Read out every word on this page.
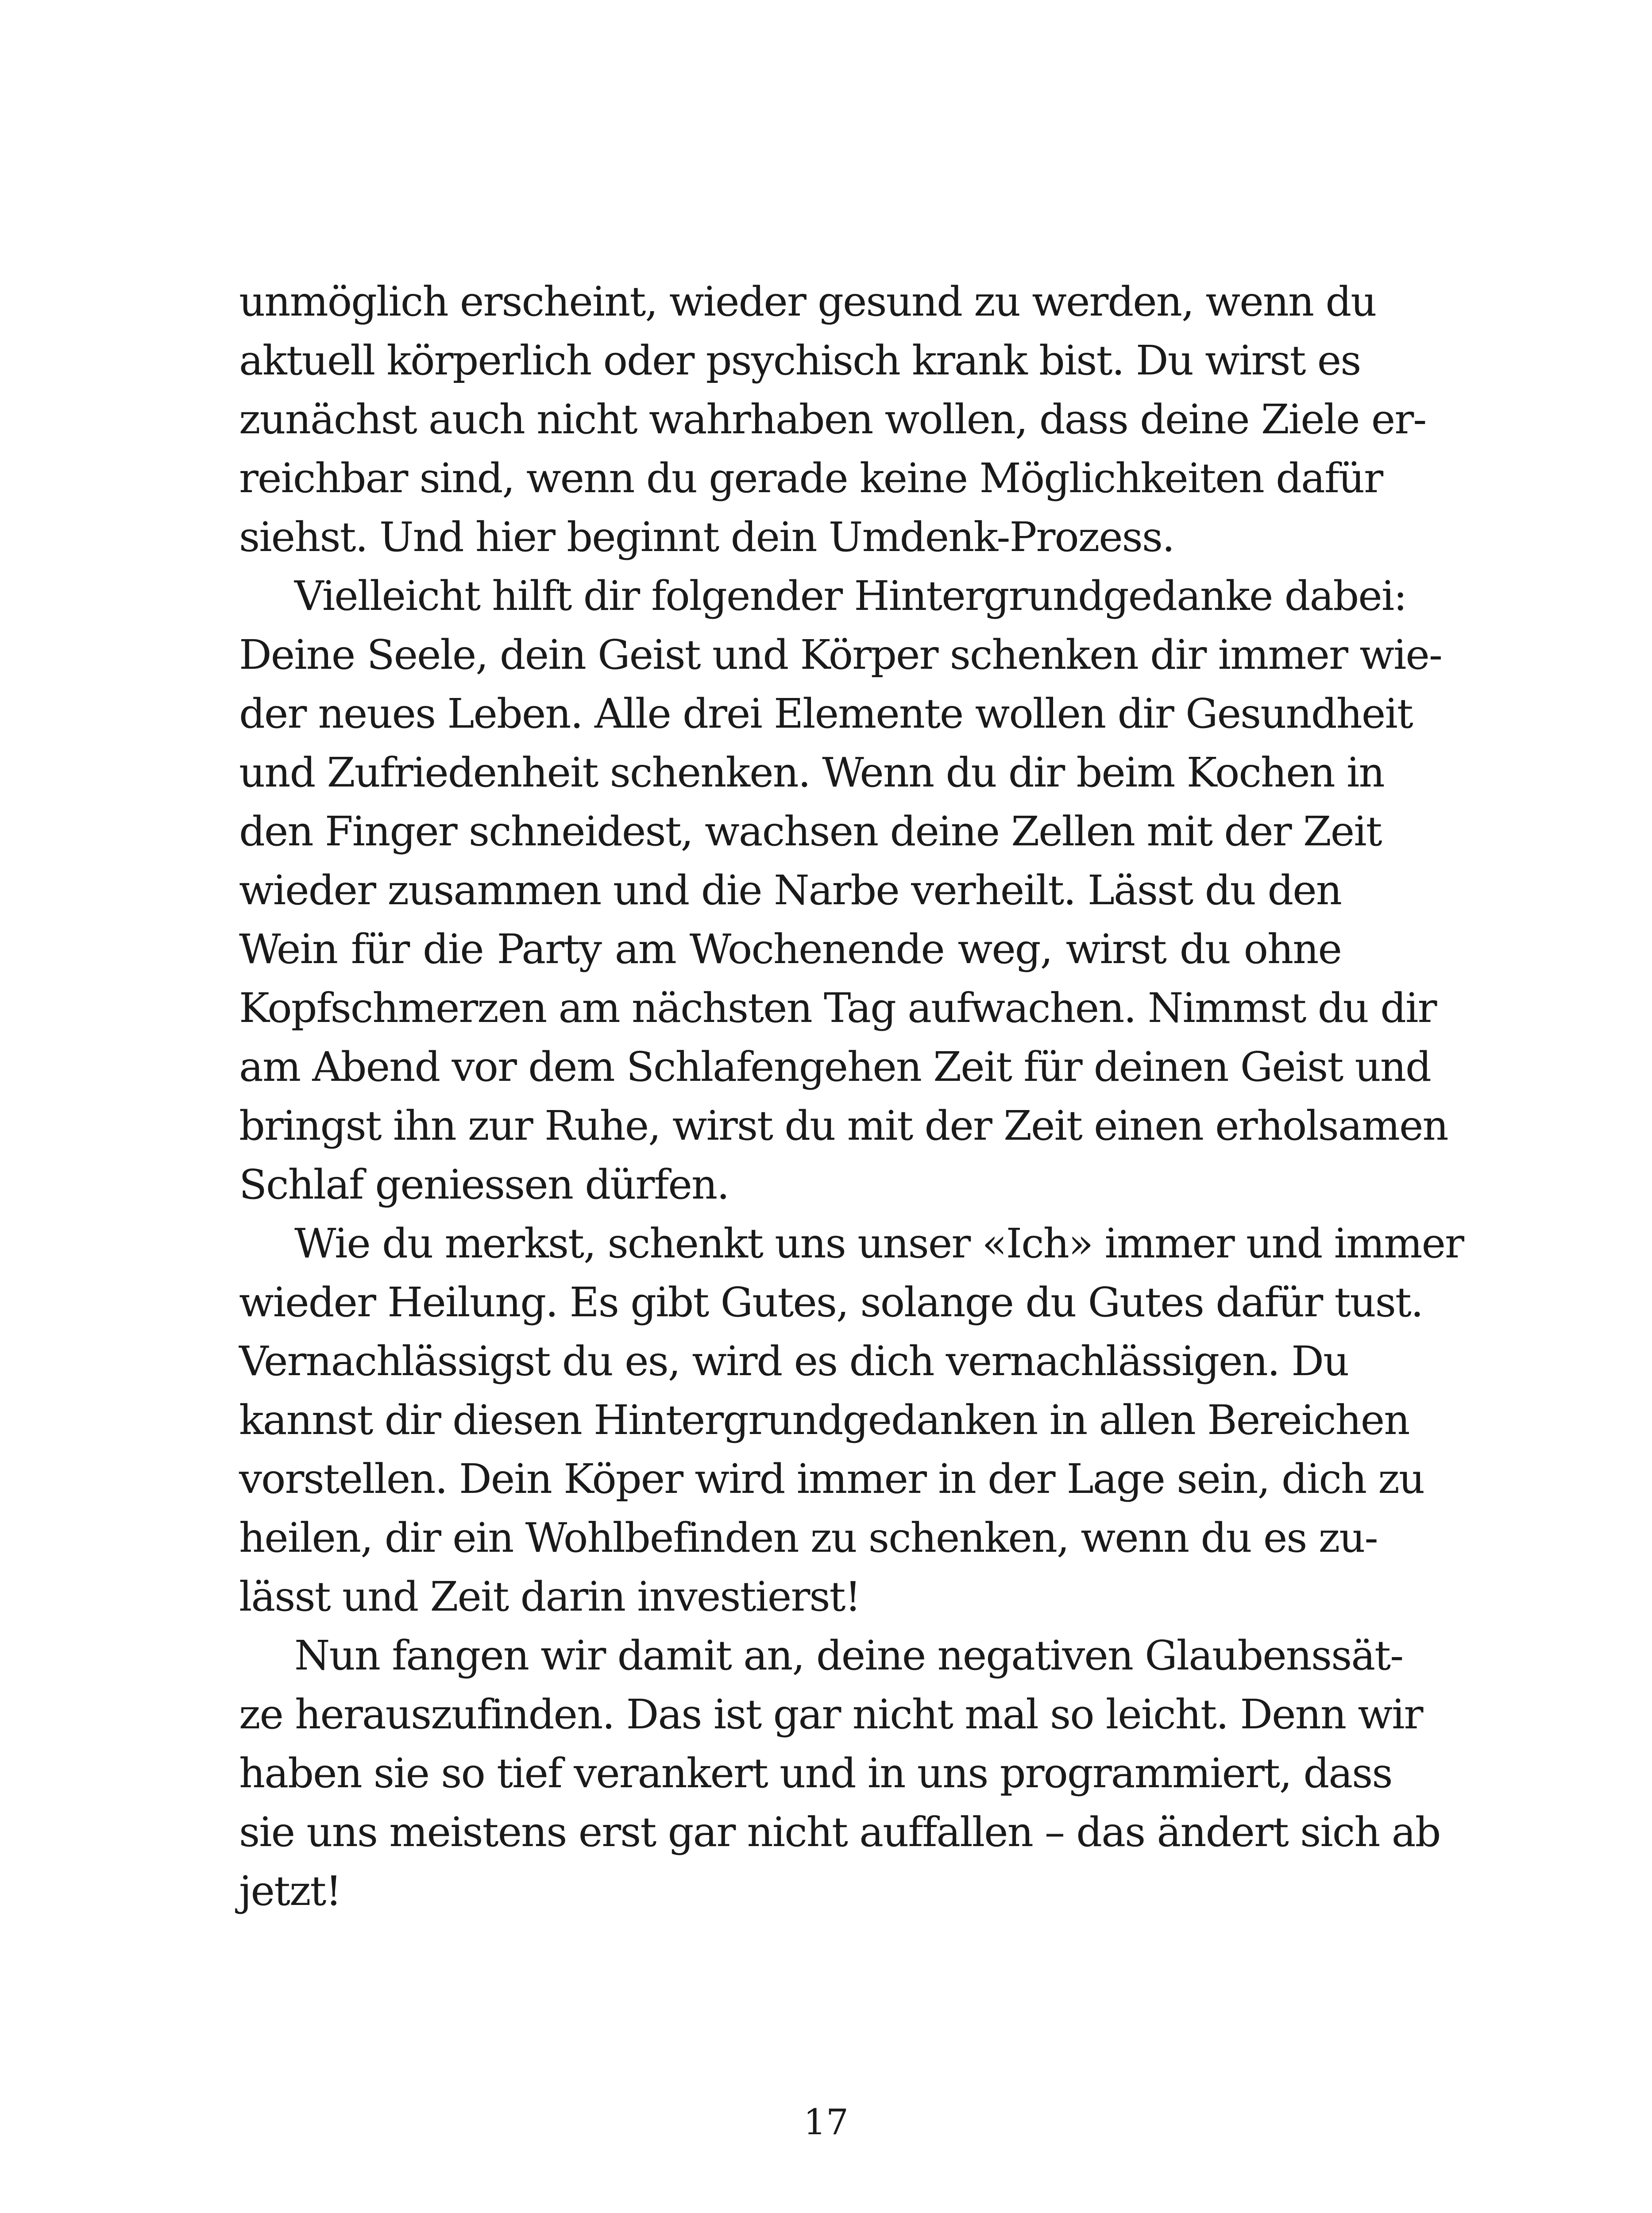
unmöglich erscheint, wieder gesund zu werden, wenn du
aktuell körperlich oder psychisch krank bist. Du wirst es
zunächst auch nicht wahrhaben wollen, dass deine Ziele er-
reichbar sind, wenn du gerade keine Möglichkeiten dafür
siehst. Und hier beginnt dein Umdenk-Prozess.

Vielleicht hilft dir folgender Hintergrundgedanke dabei:
Deine Seele, dein Geist und Körper schenken dir immer wie-
der neues Leben. Alle drei Elemente wollen dir Gesundheit
und Zufriedenheit schenken. Wenn du dir beim Kochen in
den Finger schneidest, wachsen deine Zellen mit der Zeit
wieder zusammen und die Narbe verheilt. Lässt du den
Wein für die Party am Wochenende weg, wirst du ohne
Kopfschmerzen am nächsten Tag aufwachen. Nimmst du dir
am Abend vor dem Schlafengehen Zeit für deinen Geist und
bringst ihn zur Ruhe, wirst du mit der Zeit einen erholsamen
Schlaf geniessen dürfen.

Wie du merkst, schenkt uns unser «Ich» immer und immer
wieder Heilung. Es gibt Gutes, solange du Gutes dafür tust.
Vernachlässigst du es, wird es dich vernachlässigen. Du
kannst dir diesen Hintergrundgedanken in allen Bereichen
vorstellen. Dein Köper wird immer in der Lage sein, dich zu
heilen, dir ein Wohlbefinden zu schenken, wenn du es zu-
lässt und Zeit darin investierst!

Nun fangen wir damit an, deine negativen Glaubenssät-
ze herauszufinden. Das ist gar nicht mal so leicht. Denn wir
haben sie so tief verankert und in uns programmiert, dass
sie uns meistens erst gar nicht auffallen – das ändert sich ab
jetzt!

17
